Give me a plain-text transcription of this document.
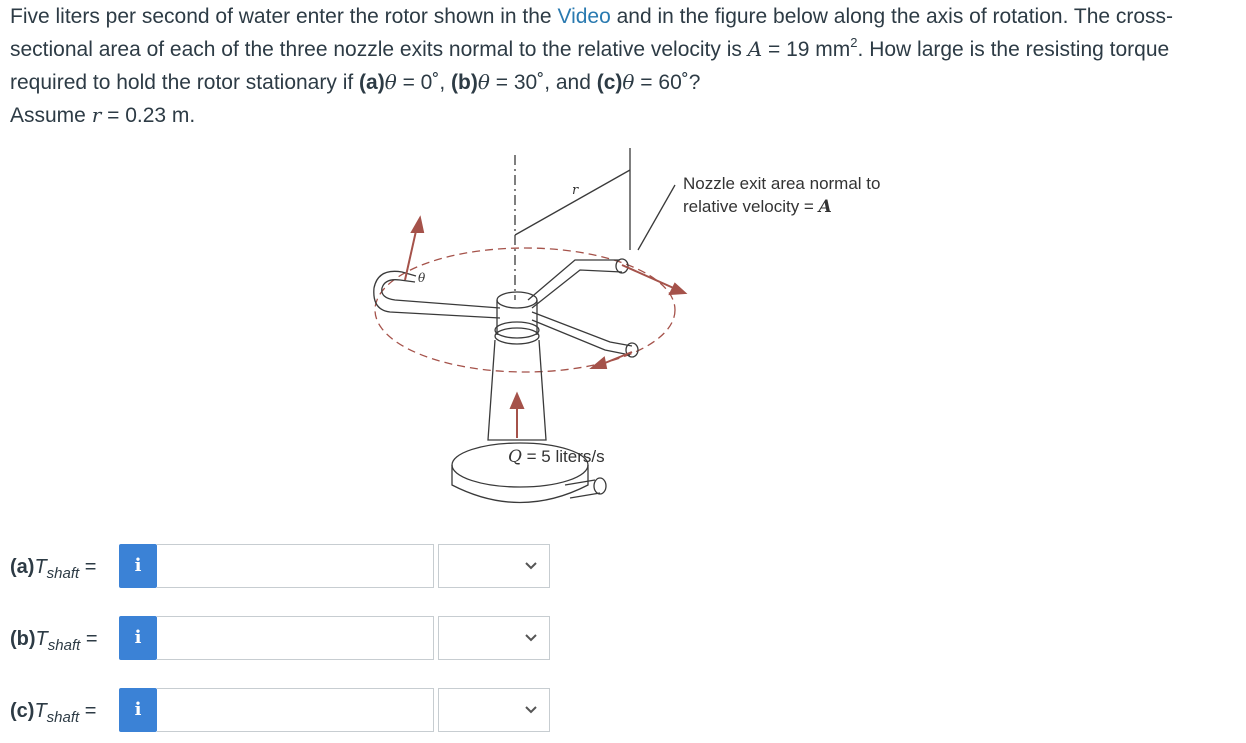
Five liters per second of water enter the rotor shown in the Video and in the figure below along the axis of rotation. The cross-sectional area of each of the three nozzle exits normal to the relative velocity is A = 19 $mm^2$. How large is the resisting torque required to hold the rotor stationary if (a)θ = 0˚, (b)θ = 30˚, and (c)θ = 60˚?
Assume r = 0.23 m.
r
θ
Nozzle exit area normal to
relative velocity = A
Q = 5 liters/s
$(a)T_{shaft}$ =	i
$(b)T_{shaft}$ =	i
$(c)T_{shaft}$ =	i
